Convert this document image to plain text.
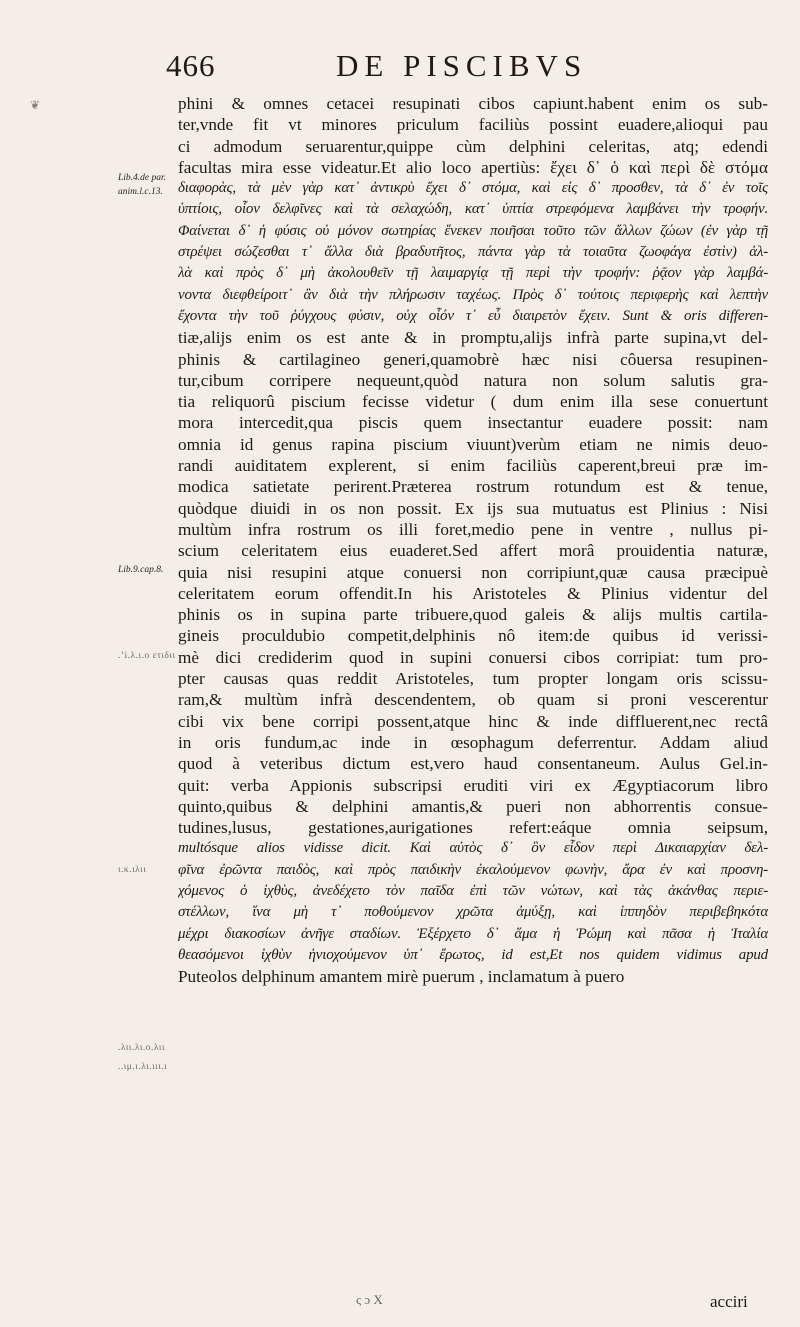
❦
466	DE PISCIBVS
Lib.4.de par.
anim.l.c.13.
Lib.9.cap.8.
.ʼi.λ.ι.ο ετιδιι
ι.κ.ιλιι
.λιι.λι.ο.λιι
..ιμ.ι.λι.ιιι.ι
phini & omnes cetacei resupinati cibos capiunt.habent enim os sub-
ter,vnde fit vt minores priculum faciliùs possint euadere,alioqui pau
ci admodum seruarentur,quippe cùm delphini celeritas, atq; edendi
facultas mira esse videatur.Et alio loco apertiùs: ἔχει δ᾽ ὁ καὶ περὶ δὲ στόμα
διαφορὰς, τὰ μὲν γὰρ κατ᾽ ἀντικρὺ ἔχει δ᾽ στόμα, καὶ εἰς δ᾽ προσθεν, τὰ δ᾽ ἐν τοῖς
ὑπτίοις, οἷον δελφῖνες καὶ τὰ σελαχώδη, κατ᾽ ὑπτία στρεφόμενα λαμβάνει τὴν τροφήν.
Φαίνεται δ᾽ ἡ φύσις οὐ μόνον σωτηρίας ἕνεκεν ποιῆσαι τοῦτο τῶν ἄλλων ζώων (ἐν γὰρ τῇ
στρέψει σώζεσθαι τ᾽ ἄλλα διὰ βραδυτῆτος, πάντα γὰρ τὰ τοιαῦτα ζωοφάγα ἐστὶν) ἀλ-
λὰ καὶ πρὸς δ᾽ μὴ ἀκολουθεῖν τῇ λαιμαργίᾳ τῇ περὶ τὴν τροφήν: ῥᾷον γὰρ λαμβά-
νοντα διεφθείροιτ᾽ ἂν διὰ τὴν πλήρωσιν ταχέως. Πρὸς δ᾽ τούτοις περιφερὴς καὶ λεπτὴν
ἔχοντα τὴν τοῦ ῥύγχους φύσιν, οὐχ οἷόν τ᾽ εὖ διαιρετὸν ἔχειν. Sunt & oris differen-
tiæ,alijs enim os est ante & in promptu,alijs infrà parte supina,vt del-
phinis & cartilagineo generi,quamobrè hæc nisi côuersa resupinen-
tur,cibum corripere nequeunt,quòd natura non solum salutis gra-
tia reliquorû piscium fecisse videtur ( dum enim illa sese conuertunt
mora intercedit,qua piscis quem insectantur euadere possit: nam
omnia id genus rapina piscium viuunt)verùm etiam ne nimis deuo-
randi auiditatem explerent, si enim faciliùs caperent,breui præ im-
modica satietate perirent.Præterea rostrum rotundum est & tenue,
quòdque diuidi in os non possit. Ex ijs sua mutuatus est Plinius : Nisi
multùm infra rostrum os illi foret,medio pene in ventre , nullus pi-
scium celeritatem eius euaderet.Sed affert morâ prouidentia naturæ,
quia nisi resupini atque conuersi non corripiunt,quæ causa præcipuè
celeritatem eorum offendit.In his Aristoteles & Plinius videntur del
phinis os in supina parte tribuere,quod galeis & alijs multis cartila-
gineis proculdubio competit,delphinis nô item:de quibus id verissi-
mè dici crediderim quod in supini conuersi cibos corripiat: tum pro-
pter causas quas reddit Aristoteles, tum propter longam oris scissu-
ram,& multùm infrà descendentem, ob quam si proni vescerentur
cibi vix bene corripi possent,atque hinc & inde diffluerent,nec rectâ
in oris fundum,ac inde in œsophagum deferrentur. Addam aliud
quod à veteribus dictum est,vero haud consentaneum. Aulus Gel.in-
quit: verba Appionis subscripsi eruditi viri ex Ægyptiacorum libro
quinto,quibus & delphini amantis,& pueri non abhorrentis consue-
tudines,lusus, gestationes,aurigationes refert:eáque omnia seipsum,
multósque alios vidisse dicit. Καὶ αὐτὸς δ᾽ ὃν εἶδον περὶ Δικαιαρχίαν δελ-
φῖνα ἐρῶντα παιδὸς, καὶ πρὸς παιδικὴν ἐκαλούμενον φωνὴν, ἄρα ἐν καὶ προσνη-
χόμενος ὁ ἰχθὺς, ἀνεδέχετο τὸν παῖδα ἐπὶ τῶν νώτων, καὶ τὰς ἀκάνθας περιε-
στέλλων, ἵνα μὴ τ᾽ ποθούμενον χρῶτα ἀμύξῃ, καὶ ἱππηδὸν περιβεβηκότα
μέχρι διακοσίων ἀνῆγε σταδίων. Ἐξέρχετο δ᾽ ἅμα ἡ Ῥώμη καὶ πᾶσα ἡ Ἰταλία
θεασόμενοι ἰχθὺν ἡνιοχούμενον ὑπ᾽ ἔρωτος, id est,Et nos quidem vidimus apud
Puteolos delphinum amantem mirè puerum , inclamatum à puero
ς ɔ X	acciri
